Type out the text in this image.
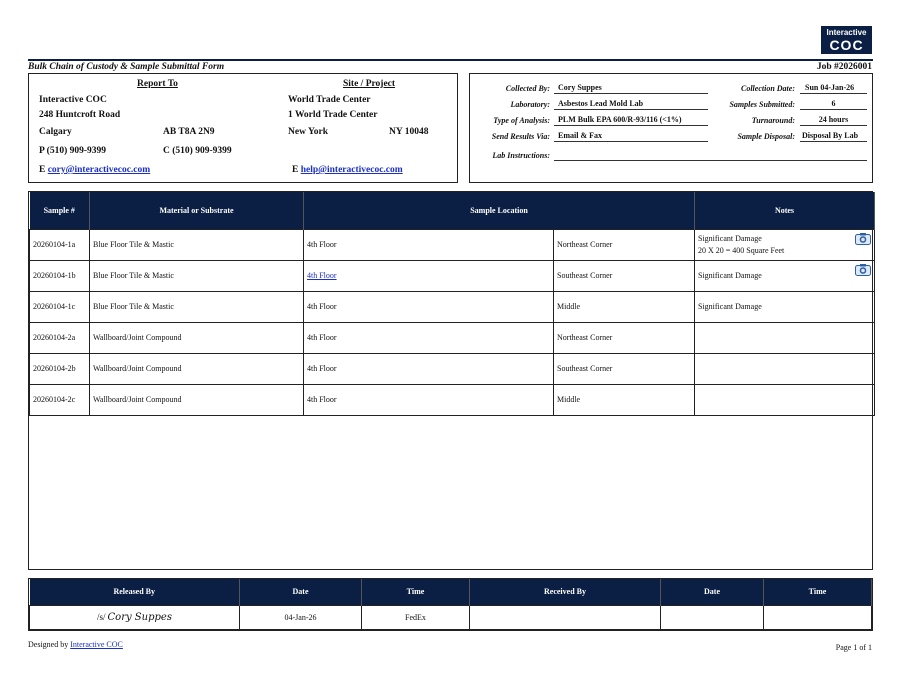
Interactive
COC
Bulk Chain of Custody & Sample Submittal Form	Job #2026001
Report To
Interactive COC
248 Huntcroft Road
Calgary	AB T8A 2N9
P (510) 909-9399	C (510) 909-9399
E cory@interactivecoc.com
Site / Project
World Trade Center
1 World Trade Center
New York	NY 10048
E help@interactivecoc.com
Collected By:	Cory Suppes
Laboratory:	Asbestos Lead Mold Lab
Type of Analysis:	PLM Bulk EPA 600/R-93/116 (<1%)
Send Results Via:	Email & Fax
Lab Instructions:
Collection Date:	Sun 04-Jan-26
Samples Submitted:	6
Turnaround:	24 hours
Sample Disposal: Disposal By Lab
Sample #	Material or Substrate	Sample Location		Notes
20260104-1a	Blue Floor Tile & Mastic	4th Floor	Northeast Corner	Significant Damage
20 X 20 = 400 Square Feet

20260104-1b	Blue Floor Tile & Mastic	4th Floor	Southeast Corner	Significant Damage

20260104-1c	Blue Floor Tile & Mastic	4th Floor	Middle	Significant Damage
20260104-2a	Wallboard/Joint Compound	4th Floor	Northeast Corner	
20260104-2b	Wallboard/Joint Compound	4th Floor	Southeast Corner	
20260104-2c	Wallboard/Joint Compound	4th Floor	Middle	
Released By	Date	Time	Received By	Date	Time
/s/ Cory Suppes	04-Jan-26	FedEx			
Designed by Interactive COC	Page 1 of 1
